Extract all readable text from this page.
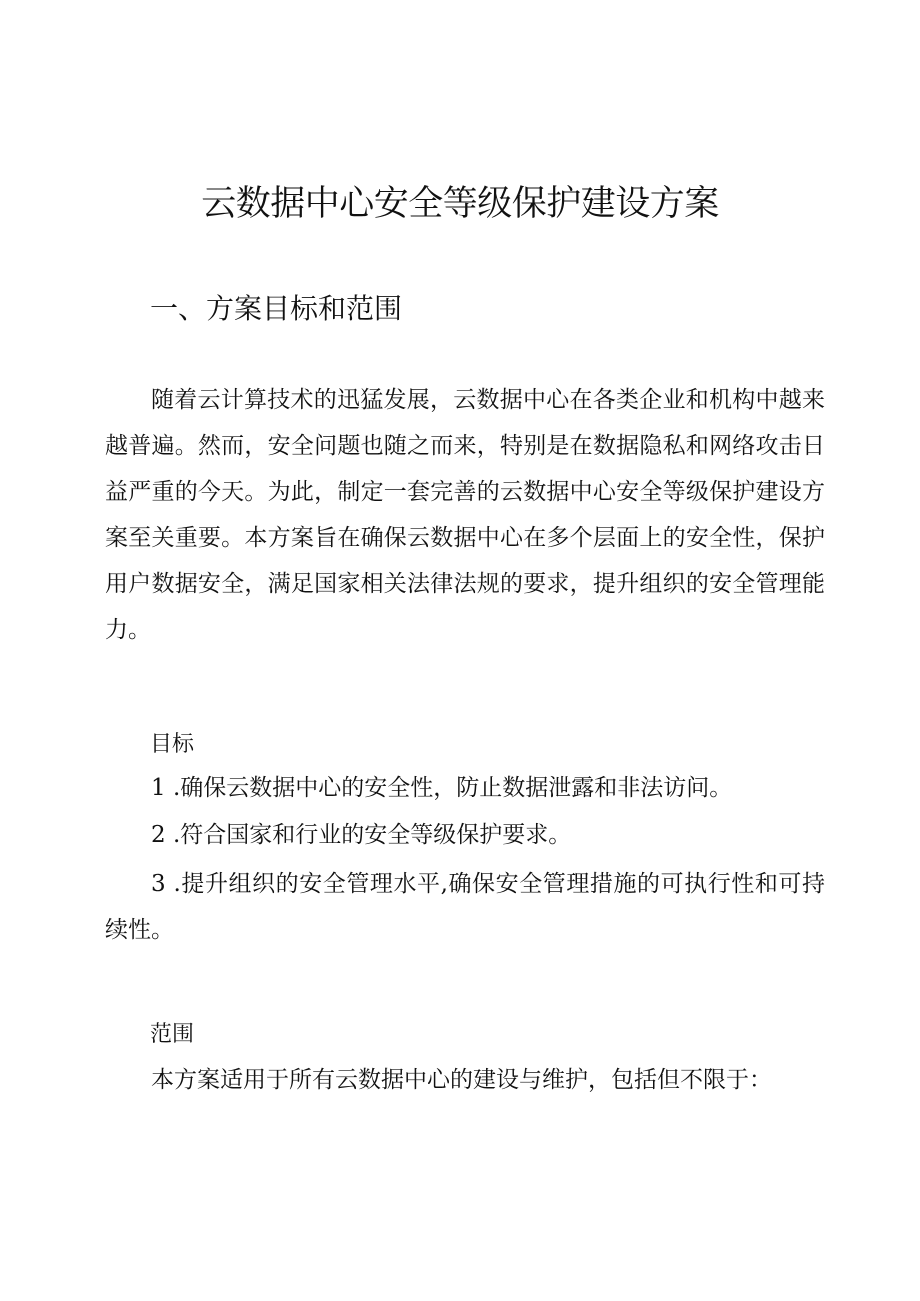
云数据中心安全等级保护建设方案
一、方案目标和范围

随着云计算技术的迅猛发展，云数据中心在各类企业和机构中越来越普遍。然而，安全问题也随之而来，特别是在数据隐私和网络攻击日益严重的今天。为此，制定一套完善的云数据中心安全等级保护建设方案至关重要。本方案旨在确保云数据中心在多个层面上的安全性，保护用户数据安全，满足国家相关法律法规的要求，提升组织的安全管理能力。

目标

1 .确保云数据中心的安全性，防止数据泄露和非法访问。

2 .符合国家和行业的安全等级保护要求。

3 .提升组织的安全管理水平,确保安全管理措施的可执行性和可持续性。

范围

本方案适用于所有云数据中心的建设与维护，包括但不限于：
